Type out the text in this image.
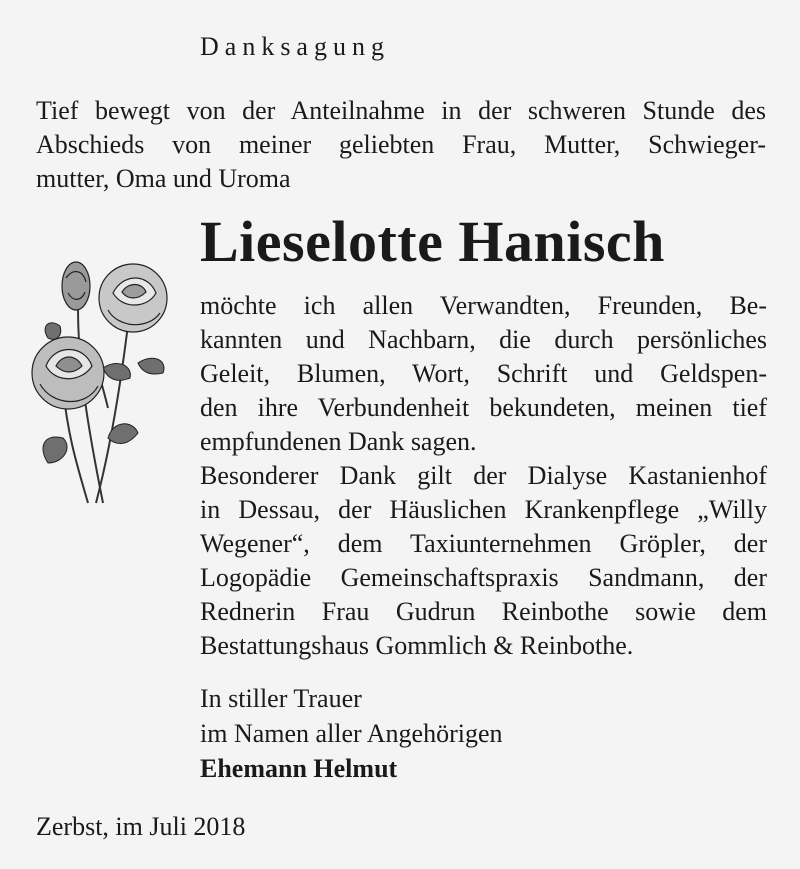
Danksagung

Tief bewegt von der Anteilnahme in der schweren Stunde des

Abschieds von meiner geliebten Frau, Mutter, Schwieger-

mutter, Oma und Uroma

Lieselotte Hanisch

möchte ich allen Verwandten, Freunden, Be-

kannten und Nachbarn, die durch persönliches

Geleit, Blumen, Wort, Schrift und Geldspen-

den ihre Verbundenheit bekundeten, meinen tief

empfundenen Dank sagen.

Besonderer Dank gilt der Dialyse Kastanienhof

in Dessau, der Häuslichen Krankenpflege „Willy

Wegener“, dem Taxiunternehmen Gröpler, der

Logopädie Gemeinschaftspraxis Sandmann, der

Rednerin Frau Gudrun Reinbothe sowie dem

Bestattungshaus Gommlich & Reinbothe.

In stiller Trauer

im Namen aller Angehörigen

Ehemann Helmut

Zerbst, im Juli 2018
